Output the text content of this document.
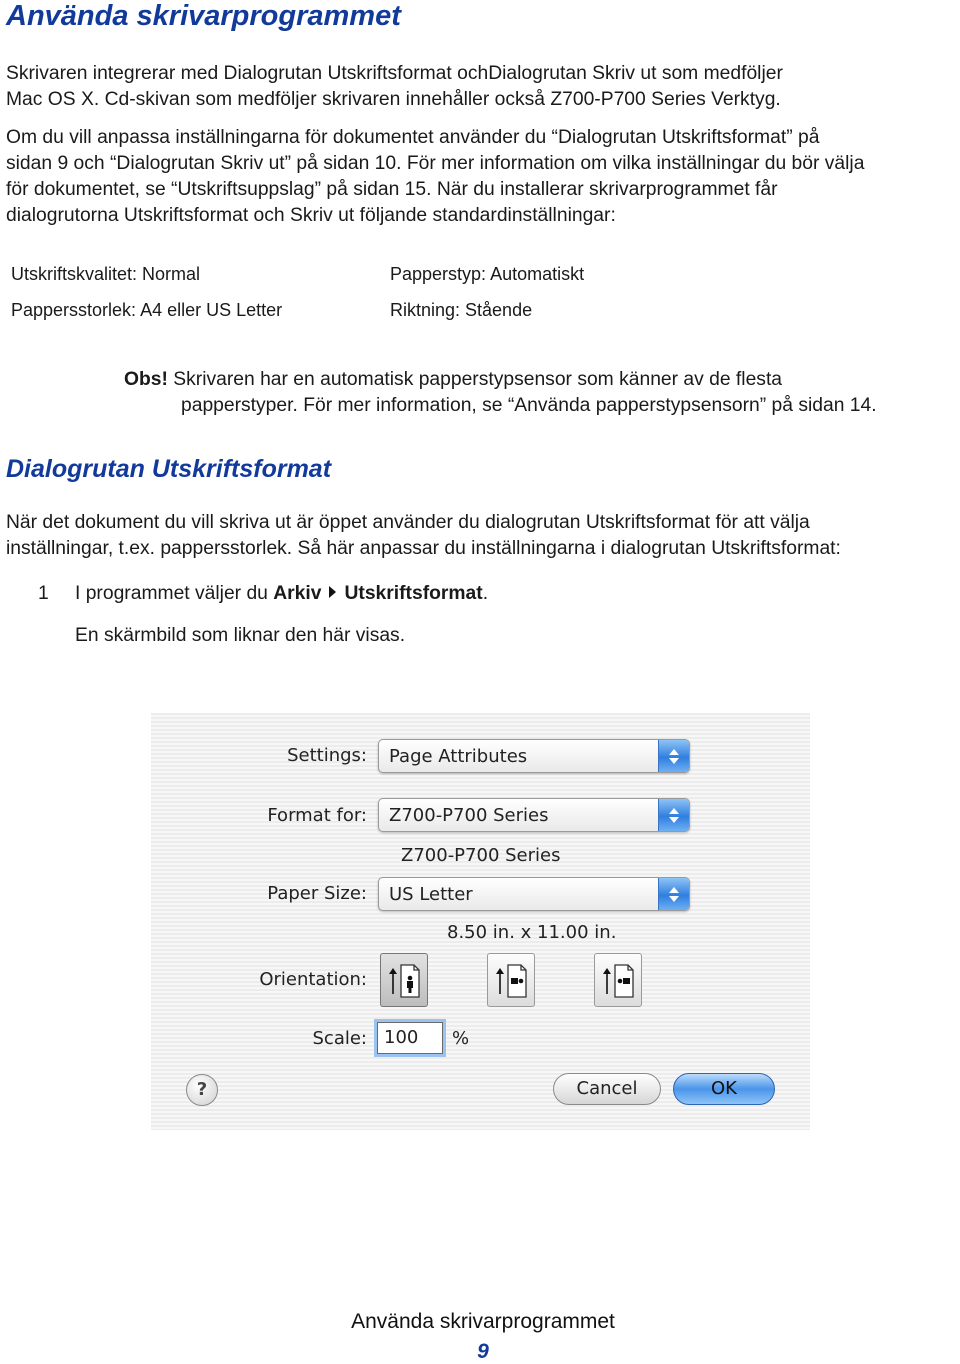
Använda skrivarprogrammet

Skrivaren integrerar med Dialogrutan Utskriftsformat ochDialogrutan Skriv ut som medföljer
Mac OS X. Cd-skivan som medföljer skrivaren innehåller också Z700-P700 Series Verktyg.

Om du vill anpassa inställningarna för dokumentet använder du “Dialogrutan Utskriftsformat” på
sidan 9 och “Dialogrutan Skriv ut” på sidan 10. För mer information om vilka inställningar du bör välja
för dokumentet, se “Utskriftsuppslag” på sidan 15. När du installerar skrivarprogrammet får
dialogrutorna Utskriftsformat och Skriv ut följande standardinställningar:

Utskriftskvalitet: Normal	Papperstyp: Automatiskt
Pappersstorlek: A4 eller US Letter	Riktning: Stående
Obs! Skrivaren har en automatisk papperstypsensor som känner av de flesta
papperstyper. För mer information, se “Använda papperstypsensorn” på sidan 14.
Dialogrutan Utskriftsformat

När det dokument du vill skriva ut är öppet använder du dialogrutan Utskriftsformat för att välja
inställningar, t.ex. pappersstorlek. Så här anpassar du inställningarna i dialogrutan Utskriftsformat:

1 I programmet väljer du Arkiv Utskriftsformat.
En skärmbild som liknar den här visas.
Settings:	Page Attributes
Format for:	Z700-P700 Series
Z700-P700 Series
Paper Size:	US Letter
8.50 in. x 11.00 in.
Orientation:
Scale: 100	%
?	Cancel	OK
Använda skrivarprogrammet
9
